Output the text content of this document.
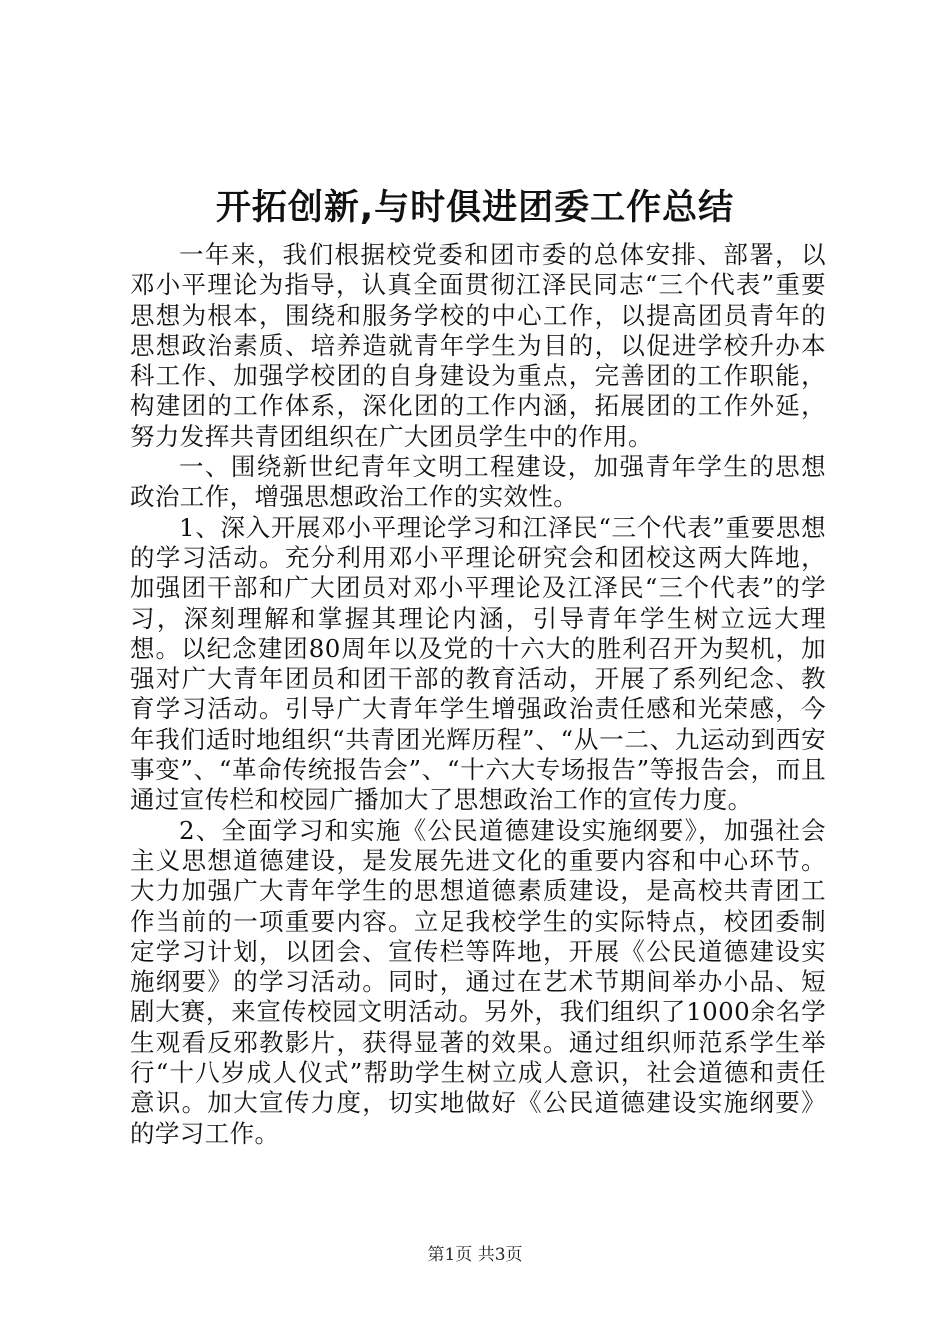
开拓创新,与时俱进团委工作总结

一年来，我们根据校党委和团市委的总体安排、部署，以邓小平理论为指导，认真全面贯彻江泽民同志“三个代表”重要思想为根本，围绕和服务学校的中心工作，以提高团员青年的思想政治素质、培养造就青年学生为目的，以促进学校升办本科工作、加强学校团的自身建设为重点，完善团的工作职能，构建团的工作体系，深化团的工作内涵，拓展团的工作外延，努力发挥共青团组织在广大团员学生中的作用。

一、围绕新世纪青年文明工程建设，加强青年学生的思想政治工作，增强思想政治工作的实效性。

1、深入开展邓小平理论学习和江泽民“三个代表”重要思想的学习活动。充分利用邓小平理论研究会和团校这两大阵地，加强团干部和广大团员对邓小平理论及江泽民“三个代表”的学习，深刻理解和掌握其理论内涵，引导青年学生树立远大理想。以纪念建团80周年以及党的十六大的胜利召开为契机，加强对广大青年团员和团干部的教育活动，开展了系列纪念、教育学习活动。引导广大青年学生增强政治责任感和光荣感，今年我们适时地组织“共青团光辉历程”、“从一二、九运动到西安事变”、“革命传统报告会”、“十六大专场报告”等报告会，而且通过宣传栏和校园广播加大了思想政治工作的宣传力度。

2、全面学习和实施《公民道德建设实施纲要》，加强社会主义思想道德建设，是发展先进文化的重要内容和中心环节。大力加强广大青年学生的思想道德素质建设，是高校共青团工作当前的一项重要内容。立足我校学生的实际特点，校团委制定学习计划，以团会、宣传栏等阵地，开展《公民道德建设实施纲要》的学习活动。同时，通过在艺术节期间举办小品、短剧大赛，来宣传校园文明活动。另外，我们组织了1000余名学生观看反邪教影片，获得显著的效果。通过组织师范系学生举行“十八岁成人仪式”帮助学生树立成人意识，社会道德和责任意识。加大宣传力度，切实地做好《公民道德建设实施纲要》的学习工作。

第1页 共3页
